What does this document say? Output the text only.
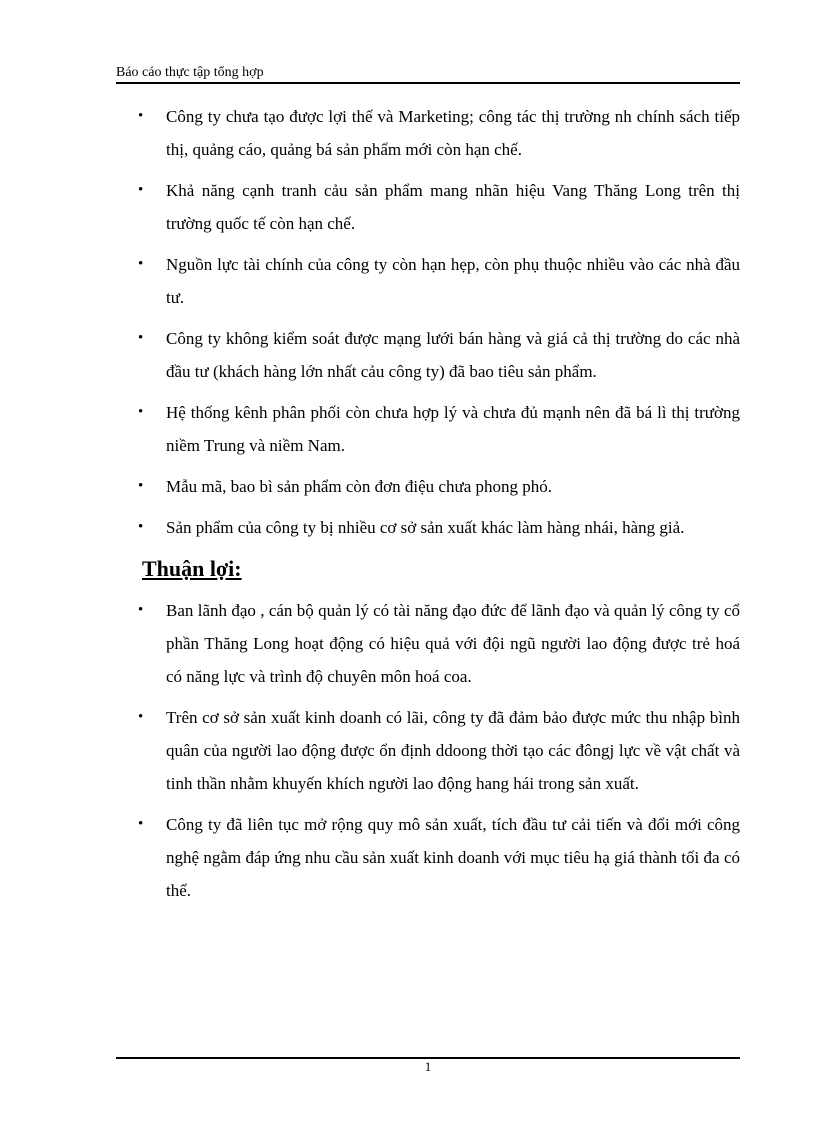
Báo cáo thực tập tổng hợp
• Công ty chưa tạo được lợi thế và Marketing; công tác thị trường nh chính sách tiếp thị, quảng cáo, quảng bá sản phẩm mới còn hạn chế.
• Khả năng cạnh tranh cảu sản phẩm mang nhãn hiệu Vang Thăng Long trên thị trường quốc tế còn hạn chế.
• Nguồn lực tài chính của công ty còn hạn hẹp, còn phụ thuộc nhiều vào các nhà đầu tư.
• Công ty không kiểm soát được mạng lưới bán hàng và giá cả thị trường do các nhà đầu tư (khách hàng lớn nhất cảu công ty) đã bao tiêu sản phẩm.
• Hệ thống kênh phân phối còn chưa hợp lý và chưa đủ mạnh nên đã bá lì thị trường niềm Trung và niềm Nam.
• Mẫu mã, bao bì sản phẩm còn đơn điệu chưa phong phó.
• Sản phẩm của công ty bị nhiều cơ sở sản xuất khác làm hàng nhái, hàng giả.
Thuận lợi:
• Ban lãnh đạo , cán bộ quản lý có tài năng đạo đức để lãnh đạo và quản lý công ty cổ phần Thăng Long hoạt động có hiệu quả với đội ngũ người lao động được trẻ hoá có năng lực và trình độ chuyên môn hoá coa.
• Trên cơ sở sản xuất kinh doanh có lãi, công ty đã đảm bảo được mức thu nhập bình quân của người lao động được ổn định ddoong thời tạo các đôngj lực về vật chất và tinh thần nhằm khuyến khích người lao động hang hái trong sản xuất.
• Công ty đã liên tục mở rộng quy mô sản xuất, tích đầu tư cải tiến và đổi mới công nghệ ngằm đáp ứng nhu cầu sản xuất kinh doanh với mục tiêu hạ giá thành tối đa có thể.
1
